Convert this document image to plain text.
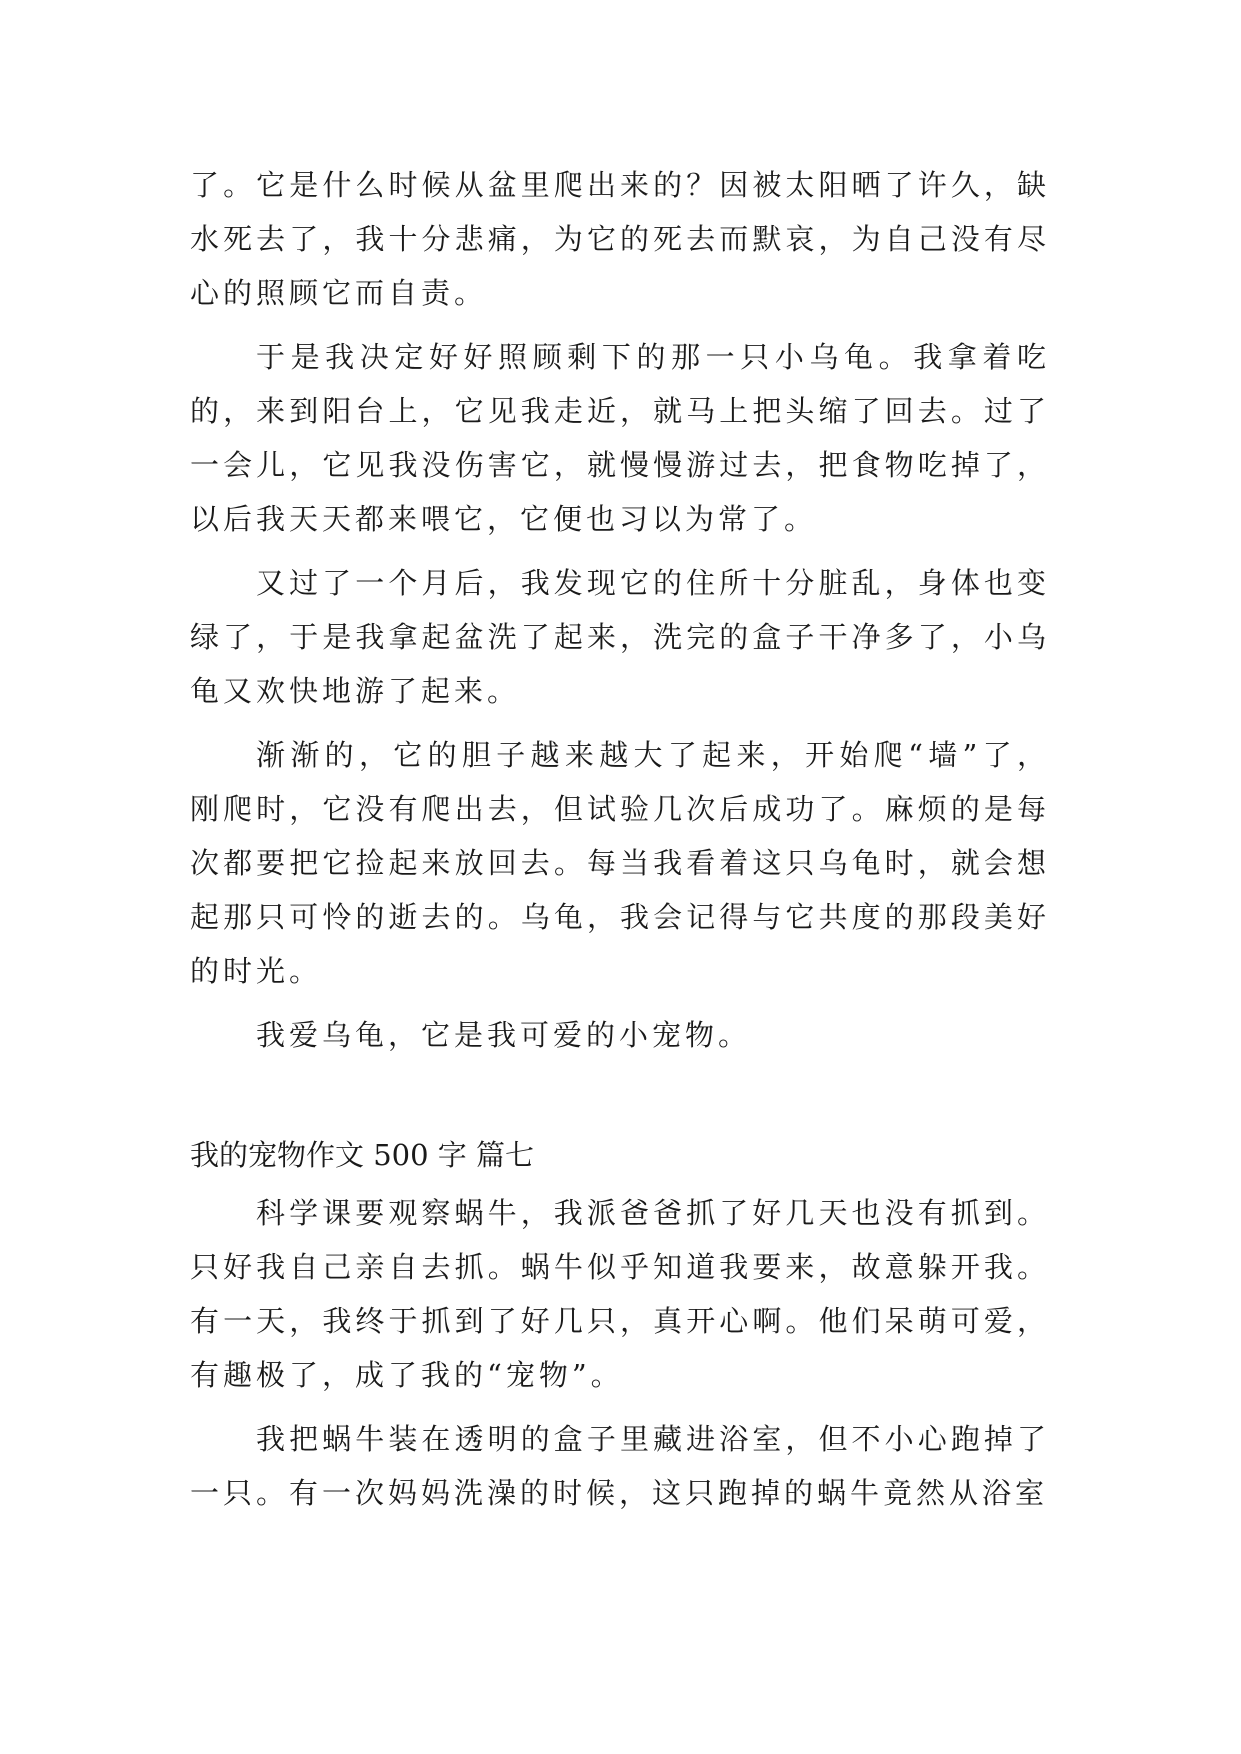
了。它是什么时候从盆里爬出来的？因被太阳晒了许久，缺水死去了，我十分悲痛，为它的死去而默哀，为自己没有尽心的照顾它而自责。

于是我决定好好照顾剩下的那一只小乌龟。我拿着吃的，来到阳台上，它见我走近，就马上把头缩了回去。过了一会儿，它见我没伤害它，就慢慢游过去，把食物吃掉了，以后我天天都来喂它，它便也习以为常了。

又过了一个月后，我发现它的住所十分脏乱，身体也变绿了，于是我拿起盆洗了起来，洗完的盒子干净多了，小乌龟又欢快地游了起来。

渐渐的，它的胆子越来越大了起来，开始爬“墙”了，刚爬时，它没有爬出去，但试验几次后成功了。麻烦的是每次都要把它捡起来放回去。每当我看着这只乌龟时，就会想起那只可怜的逝去的。乌龟，我会记得与它共度的那段美好的时光。

我爱乌龟，它是我可爱的小宠物。

我的宠物作文 500 字 篇七

科学课要观察蜗牛，我派爸爸抓了好几天也没有抓到。只好我自己亲自去抓。蜗牛似乎知道我要来，故意躲开我。有一天，我终于抓到了好几只，真开心啊。他们呆萌可爱，有趣极了，成了我的“宠物”。

我把蜗牛装在透明的盒子里藏进浴室，但不小心跑掉了一只。有一次妈妈洗澡的时候，这只跑掉的蜗牛竟然从浴室
